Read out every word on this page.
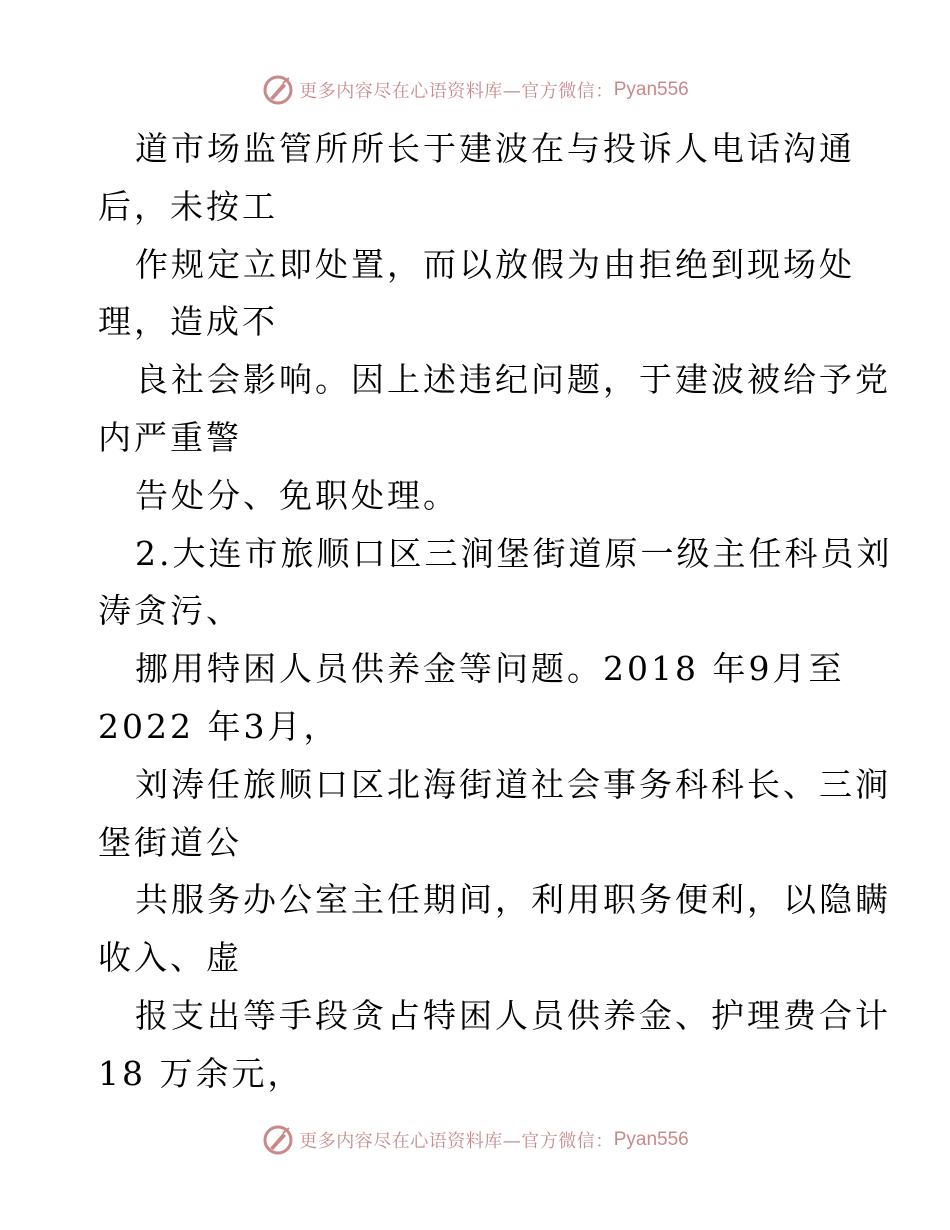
更多内容尽在心语资料库—官方微信： Pyan556
道市场监管所所长于建波在与投诉人电话沟通
后，未按工
作规定立即处置，而以放假为由拒绝到现场处
理，造成不
良社会影响。因上述违纪问题，于建波被给予党
内严重警
告处分、免职处理。
2.大连市旅顺口区三涧堡街道原一级主任科员刘
涛贪污、
挪用特困人员供养金等问题。2018 年9月至
2022 年3月，
刘涛任旅顺口区北海街道社会事务科科长、三涧
堡街道公
共服务办公室主任期间，利用职务便利，以隐瞒
收入、虚
报支出等手段贪占特困人员供养金、护理费合计
18 万余元，
更多内容尽在心语资料库—官方微信： Pyan556
